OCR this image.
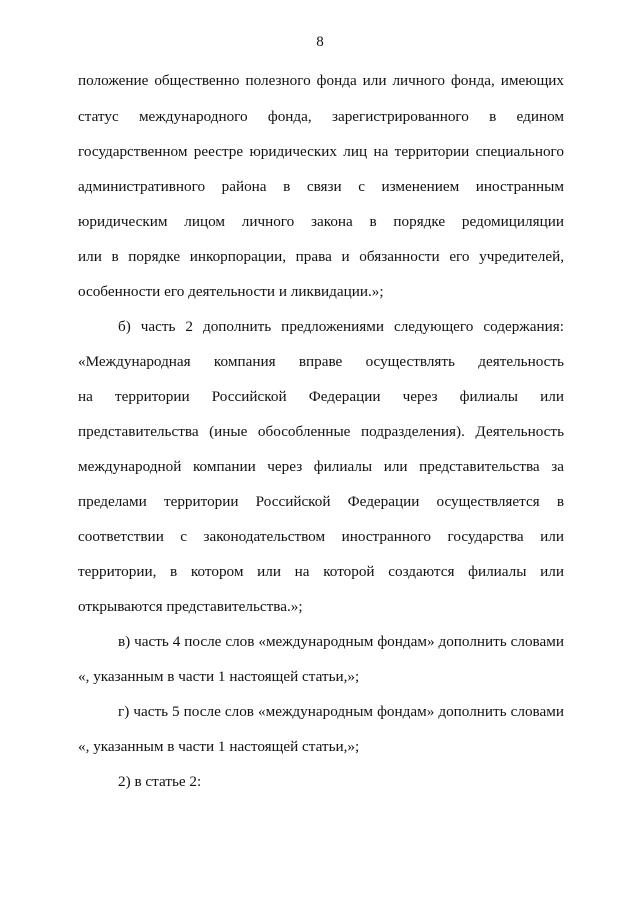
8
положение общественно полезного фонда или личного фонда, имеющих
статус международного фонда, зарегистрированного в едином
государственном реестре юридических лиц на территории специального
административного района в связи с изменением иностранным
юридическим лицом личного закона в порядке редомициляции
или в порядке инкорпорации, права и обязанности его учредителей,
особенности его деятельности и ликвидации.»;
б) часть 2 дополнить предложениями следующего содержания:
«Международная компания вправе осуществлять деятельность
на территории Российской Федерации через филиалы или
представительства (иные обособленные подразделения). Деятельность
международной компании через филиалы или представительства за
пределами территории Российской Федерации осуществляется в
соответствии с законодательством иностранного государства или
территории, в котором или на которой создаются филиалы или
открываются представительства.»;
в) часть 4 после слов «международным фондам» дополнить словами
«, указанным в части 1 настоящей статьи,»;
г) часть 5 после слов «международным фондам» дополнить словами
«, указанным в части 1 настоящей статьи,»;
2) в статье 2:
